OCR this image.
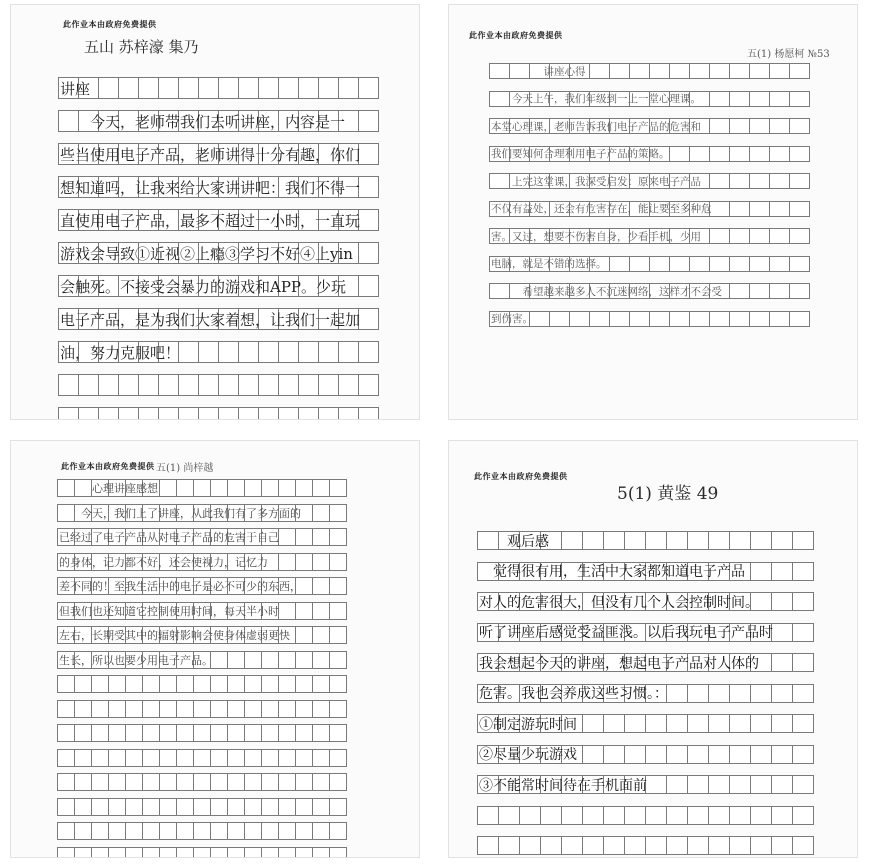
此作业本由政府免费提供
五山 苏梓濠 集乃
讲座
　　今天，老师带我们去听讲座，内容是一
些当使用电子产品，老师讲得十分有趣，你们
想知道吗，让我来给大家讲讲吧：我们不得一
直使用电子产品，最多不超过一小时，一直玩
游戏会导致①近视②上瘾③学习不好④上yin
会触死。不接受会暴力的游戏和APP。少玩
电子产品，是为我们大家着想，让我们一起加
油，努力克服吧！
此作业本由政府免费提供
五(1) 杨愿柯 №53
　　　　　讲座心得
　　今天上午，我们年级到一上一堂心理课。
本堂心理课，老师告诉我们电子产品的危害和
我们要知何合理利用电子产品的策略。
　　上完这堂课，我深受启发：原来电子产品
不仅有益处，还会有危害存在，能让要至多种危
害。又过，想要不伤害自身，少看手机，少用
电脑，就是不错的选择。
　　　希望越来越多人不沉迷网络，这样才不会受
到伤害。
此作业本由政府免费提供 五(1) 尚梓越
　　　心理讲座感想
　　今天，我们上了讲座，从此我们有了多方面的
已经过了电子产品从对电子产品的危害于自己
的身体，记力都不好，还会使视力，记忆力
差不同的！至我生活中的电子是必不可少的东西，
但我们也还知道它控制使用时间，每天半小时
左右，长期受其中的辐射影响会使身体虚弱更快
生长，所以也要少用电子产品。
此作业本由政府免费提供
5(1) 黄鉴 49
　　观后感
　觉得很有用，生活中大家都知道电子产品
对人的危害很大，但没有几个人会控制时间。
听了讲座后感觉受益匪浅。以后我玩电子产品时
我会想起今天的讲座，想起电子产品对人体的
危害。我也会养成这些习惯。：
①制定游玩时间
②尽量少玩游戏
③不能常时间待在手机面前
